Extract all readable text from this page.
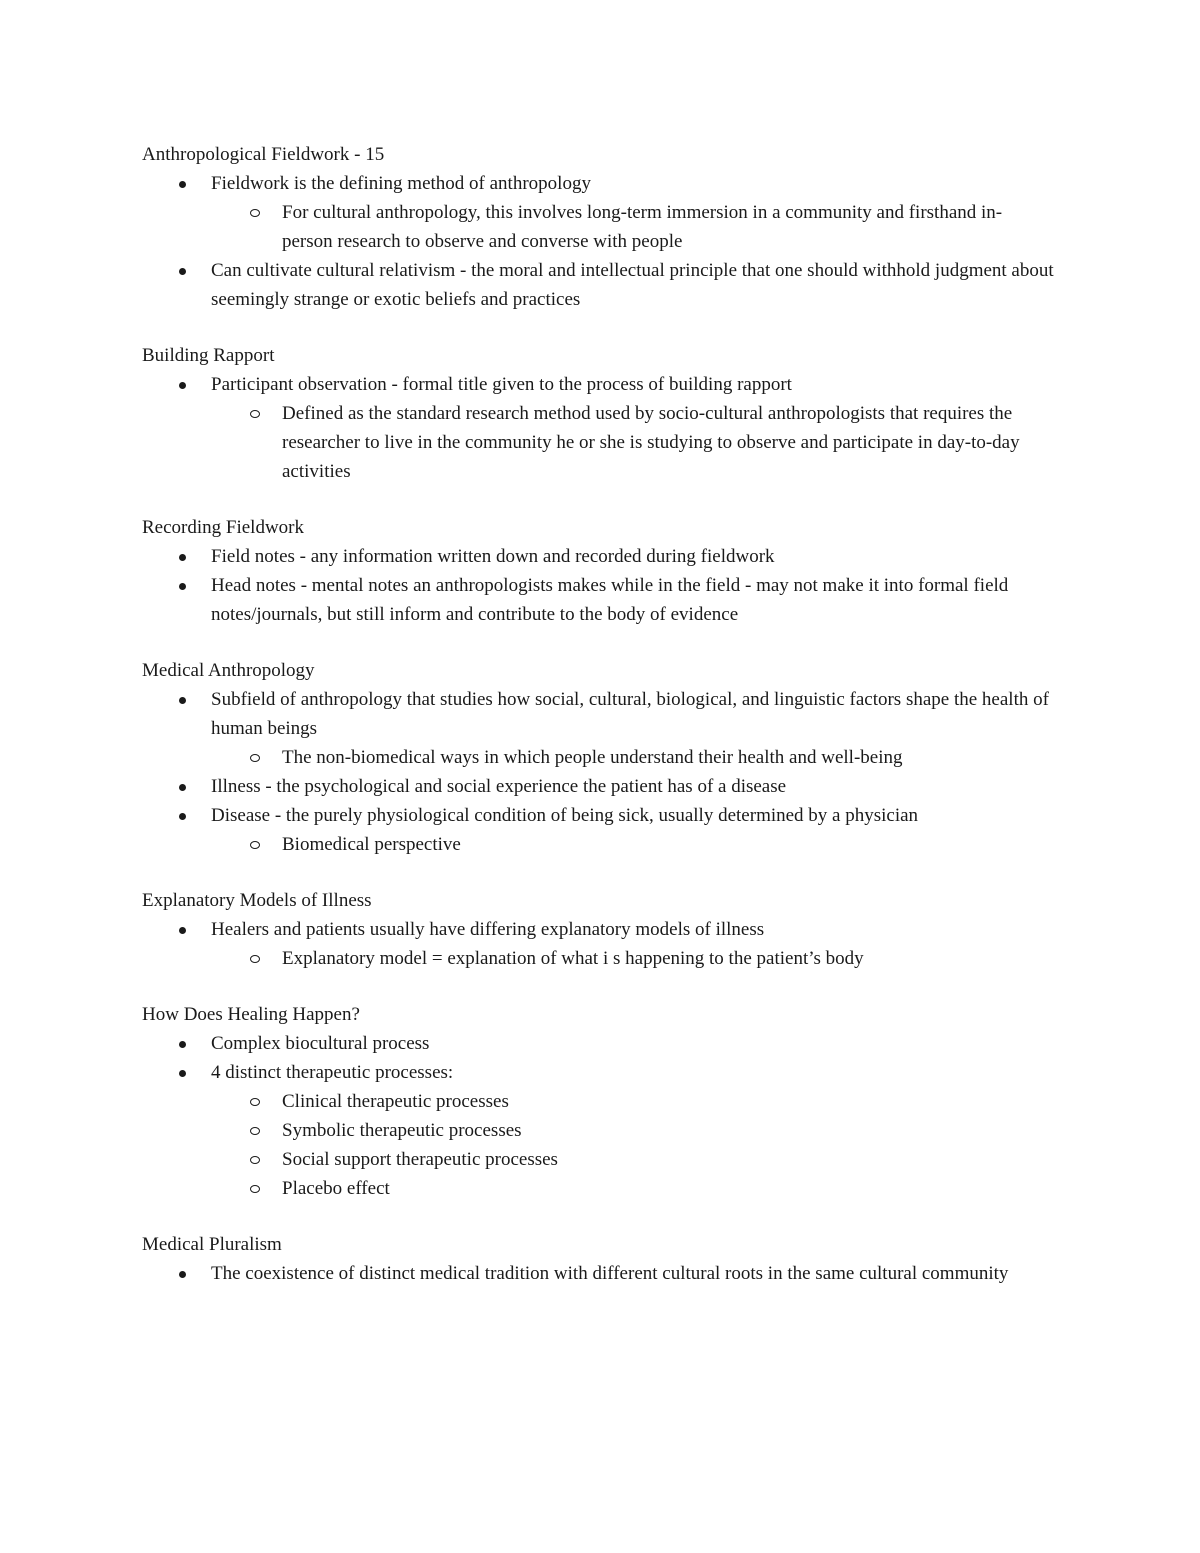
Anthropological Fieldwork - 15

Fieldwork is the defining method of anthropology
For cultural anthropology, this involves long-term immersion in a community and firsthand in-person research to observe and converse with people
Can cultivate cultural relativism - the moral and intellectual principle that one should withhold judgment about seemingly strange or exotic beliefs and practices

Building Rapport

Participant observation - formal title given to the process of building rapport
Defined as the standard research method used by socio-cultural anthropologists that requires the researcher to live in the community he or she is studying to observe and participate in day-to-day activities

Recording Fieldwork

Field notes - any information written down and recorded during fieldwork
Head notes - mental notes an anthropologists makes while in the field - may not make it into formal field notes/journals, but still inform and contribute to the body of evidence

Medical Anthropology

Subfield of anthropology that studies how social, cultural, biological, and linguistic factors shape the health of human beings
The non-biomedical ways in which people understand their health and well-being
Illness - the psychological and social experience the patient has of a disease
Disease - the purely physiological condition of being sick, usually determined by a physician
Biomedical perspective

Explanatory Models of Illness

Healers and patients usually have differing explanatory models of illness
Explanatory model = explanation of what i s happening to the patient’s body

How Does Healing Happen?

Complex biocultural process
4 distinct therapeutic processes:
Clinical therapeutic processes
Symbolic therapeutic processes
Social support therapeutic processes
Placebo effect

Medical Pluralism

The coexistence of distinct medical tradition with different cultural roots in the same cultural community
